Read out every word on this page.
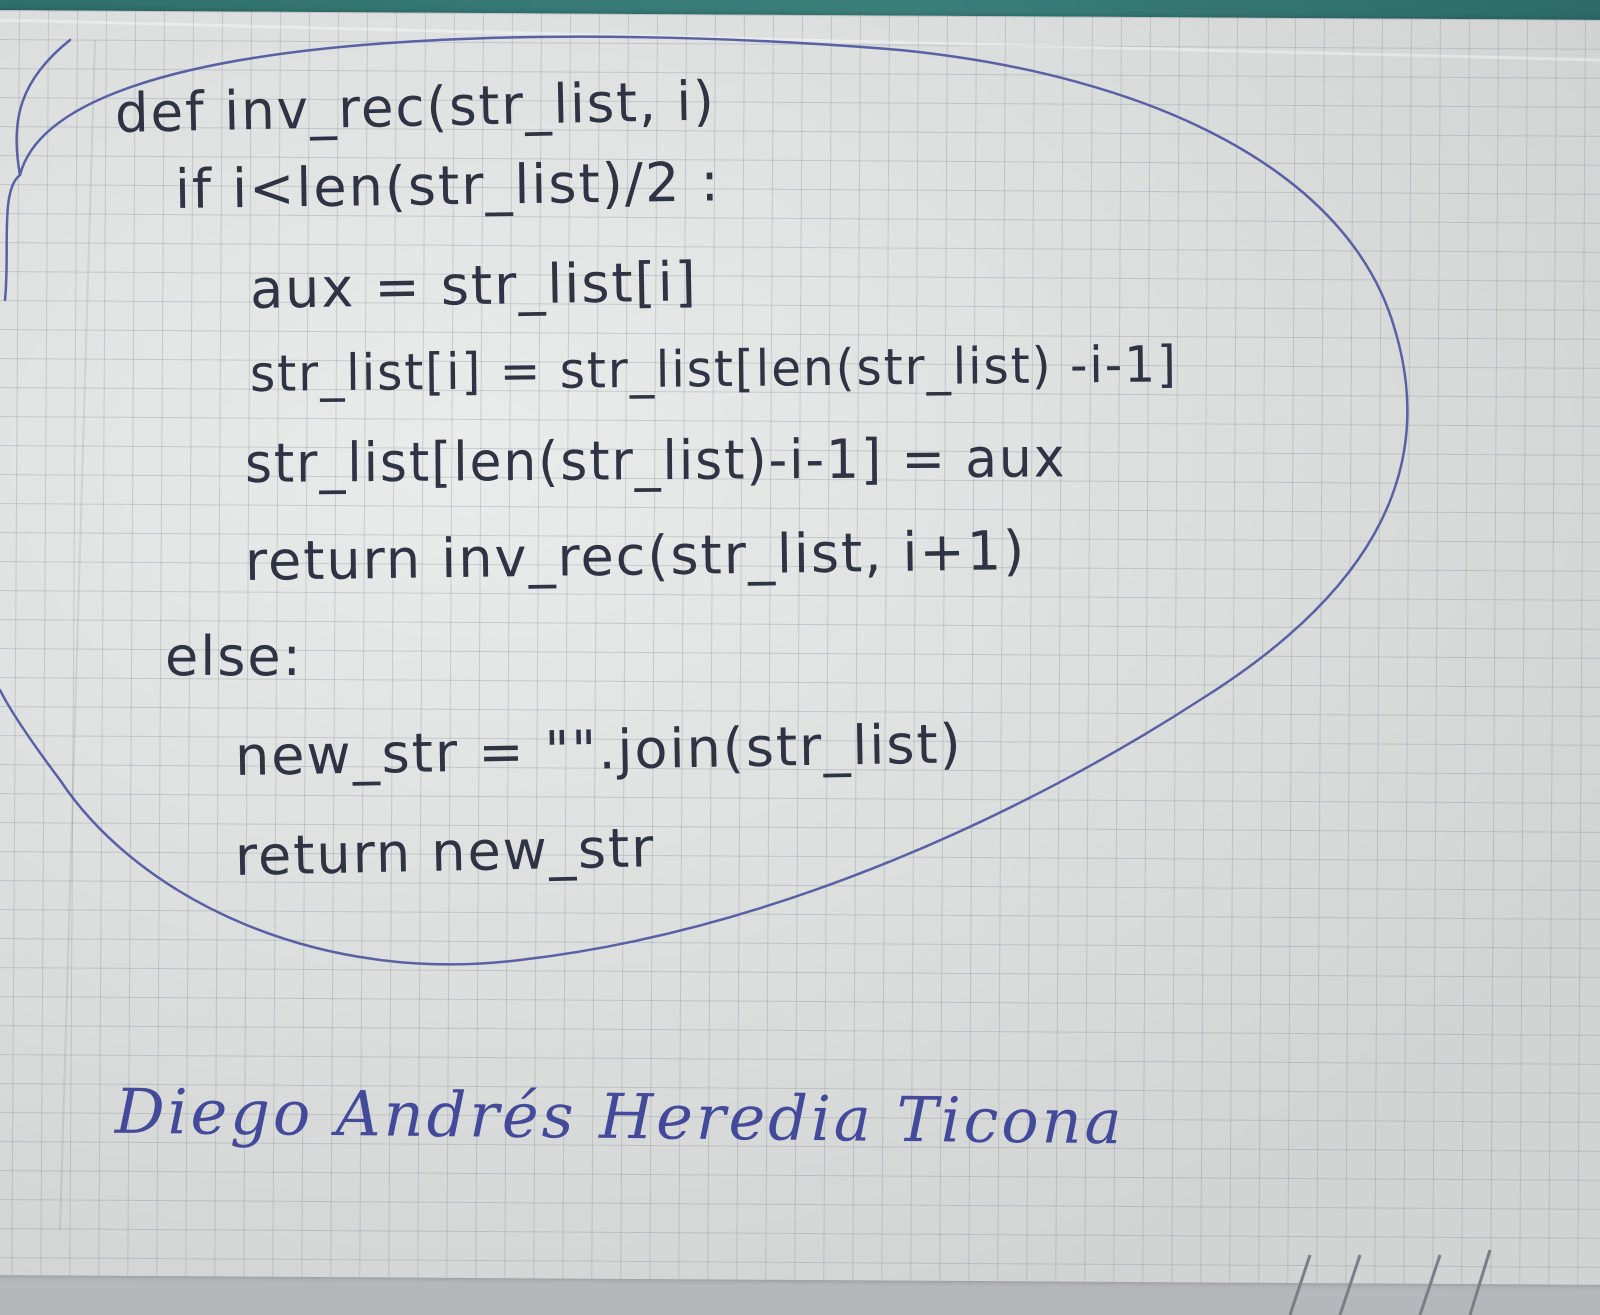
def inv_rec(str_list, i)
if i<len(str_list)/2 :
aux = str_list[i]
str_list[i] = str_list[len(str_list) -i-1]
str_list[len(str_list)-i-1] = aux
return inv_rec(str_list, i+1)
else:
new_str = "".join(str_list)
return new_str
Diego Andrés Heredia Ticona
